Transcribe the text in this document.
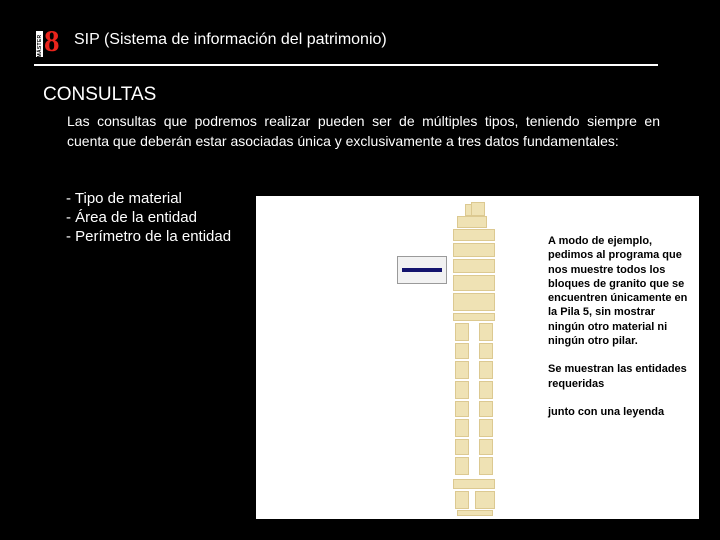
MÁSTER 8 SIP (Sistema de información del patrimonio)
CONSULTAS
Las consultas que podremos realizar pueden ser de múltiples tipos, teniendo siempre en cuenta que deberán estar asociadas única y exclusivamente a tres datos fundamentales:
- Tipo de material
- Área de la entidad
- Perímetro de la entidad	A modo de ejemplo, pedimos al programa que nos muestre todos los bloques de granito que se encuentren únicamente en la Pila 5, sin mostrar ningún otro material ni ningún otro pilar.

Se muestran las entidades requeridas

junto con una leyenda
